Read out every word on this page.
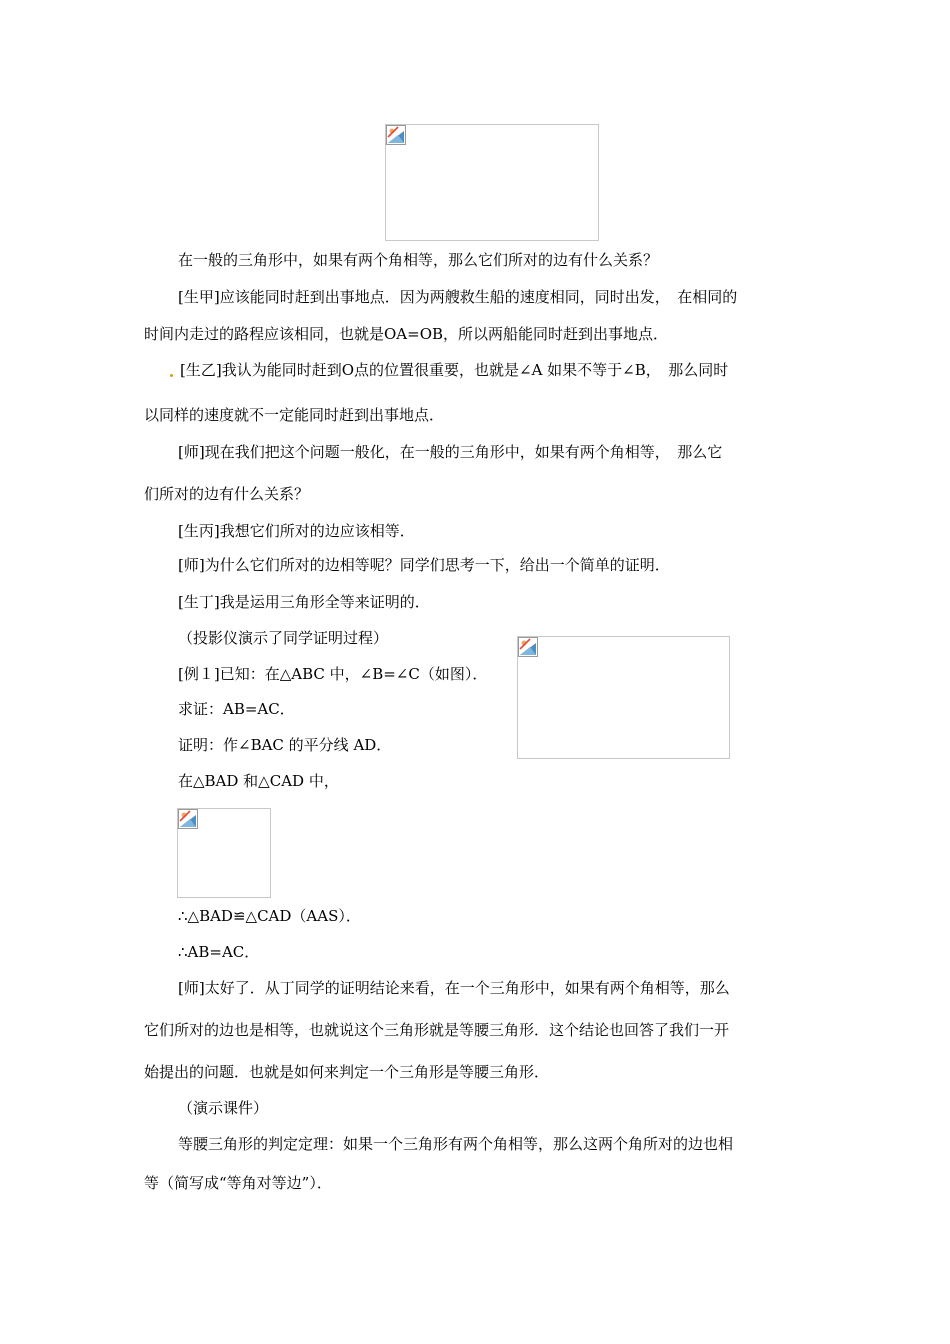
在一般的三角形中，如果有两个角相等，那么它们所对的边有什么关系？
[生甲]应该能同时赶到出事地点．因为两艘救生船的速度相同，同时出发，　在相同的
时间内走过的路程应该相同，也就是OA=OB，所以两船能同时赶到出事地点．
[生乙]我认为能同时赶到O点的位置很重要，也就是∠A 如果不等于∠B，　那么同时
以同样的速度就不一定能同时赶到出事地点．
[师]现在我们把这个问题一般化，在一般的三角形中，如果有两个角相等，　那么它
们所对的边有什么关系？
[生丙]我想它们所对的边应该相等．
[师]为什么它们所对的边相等呢？同学们思考一下，给出一个简单的证明．
[生丁]我是运用三角形全等来证明的．
（投影仪演示了同学证明过程）
[例１]已知：在△ABC 中，∠B=∠C（如图）．
求证：AB=AC．
证明：作∠BAC 的平分线 AD．
在△BAD 和△CAD 中，
∴△BAD≌△CAD（AAS）．
∴AB=AC．
[师]太好了．从丁同学的证明结论来看，在一个三角形中，如果有两个角相等，那么
它们所对的边也是相等，也就说这个三角形就是等腰三角形．这个结论也回答了我们一开
始提出的问题．也就是如何来判定一个三角形是等腰三角形．
（演示课件）
等腰三角形的判定定理：如果一个三角形有两个角相等，那么这两个角所对的边也相
等（简写成“等角对等边”）．
